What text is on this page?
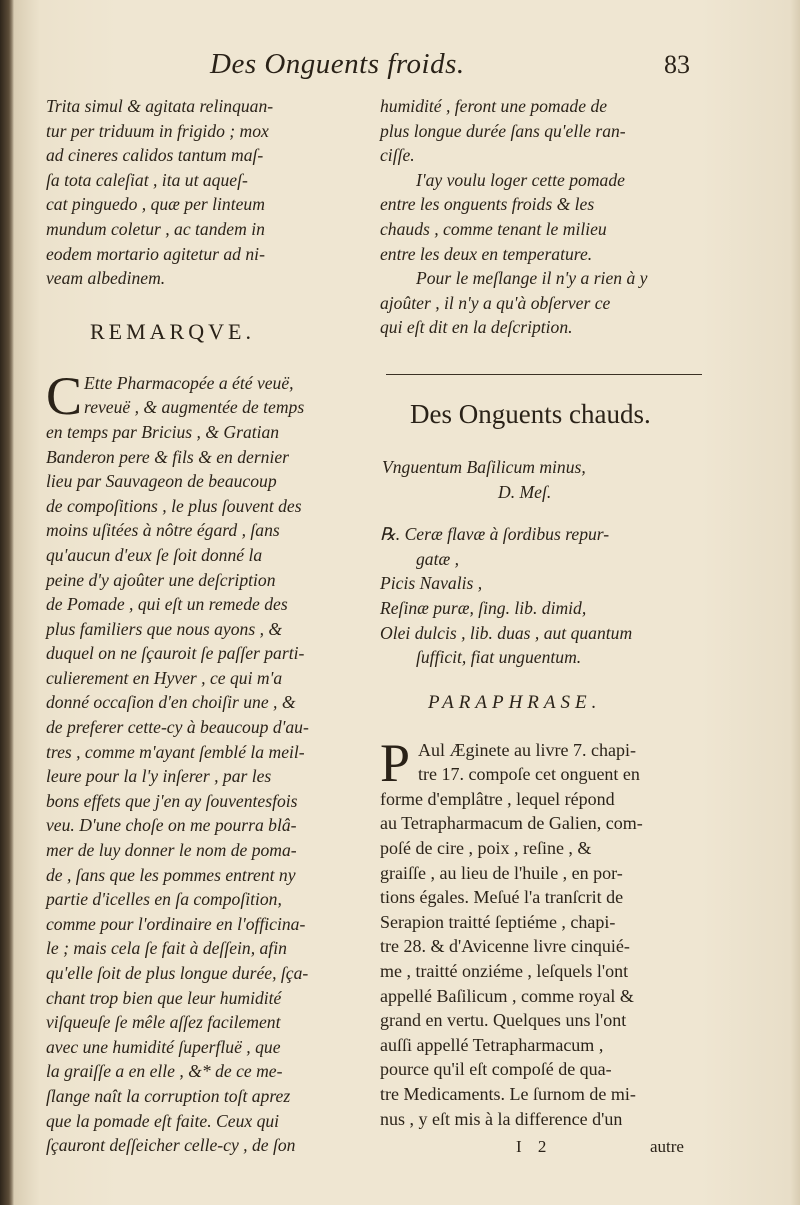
Des Onguents froids.	83
Trita simul & agitata relinquan-
tur per triduum in frigido ; mox
ad cineres calidos tantum maſ-
ſa tota caleſiat , ita ut aqueſ-
cat pinguedo , quæ per linteum
mundum coletur , ac tandem in
eodem mortario agitetur ad ni-
veam albedinem.
REMARQVE.
C Ette Pharmacopée a été veuë,
reveuë , & augmentée de temps
en temps par Bricius , & Gratian
Banderon pere & fils & en dernier
lieu par Sauvageon de beaucoup
de compoſitions , le plus ſouvent des
moins uſitées à nôtre égard , ſans
qu'aucun d'eux ſe ſoit donné la
peine d'y ajoûter une deſcription
de Pomade , qui eſt un remede des
plus familiers que nous ayons , &
duquel on ne ſçauroit ſe paſſer parti-
culierement en Hyver , ce qui m'a
donné occaſion d'en choiſir une , &
de preferer cette-cy à beaucoup d'au-
tres , comme m'ayant ſemblé la meil-
leure pour la l'y inſerer , par les
bons effets que j'en ay ſouventesfois
veu. D'une choſe on me pourra blâ-
mer de luy donner le nom de poma-
de , ſans que les pommes entrent ny
partie d'icelles en ſa compoſition,
comme pour l'ordinaire en l'officina-
le ; mais cela ſe fait à deſſein, afin
qu'elle ſoit de plus longue durée, ſça-
chant trop bien que leur humidité
viſqueuſe ſe mêle aſſez facilement
avec une humidité ſuperfluë , que
la graiſſe a en elle , &* de ce me-
ſlange naît la corruption toſt aprez
que la pomade eſt faite. Ceux qui
ſçauront deſſeicher celle-cy , de ſon
humidité , feront une pomade de
plus longue durée ſans qu'elle ran-
ciſſe.
I'ay voulu loger cette pomade
entre les onguents froids & les
chauds , comme tenant le milieu
entre les deux en temperature.
Pour le meſlange il n'y a rien à y
ajoûter , il n'y a qu'à obſerver ce
qui eſt dit en la deſcription.
Des Onguents chauds.
Vnguentum Baſilicum minus,
D. Meſ.
℞. Ceræ flavæ à ſordibus repur-
gatæ ,
Picis Navalis ,
Reſinæ puræ, ſing. lib. dimid,
Olei dulcis , lib. duas , aut quantum
ſufficit, fiat unguentum.
PARAPHRASE.
P Aul Æginete au livre 7. chapi-
tre 17. compoſe cet onguent en
forme d'emplâtre , lequel répond
au Tetrapharmacum de Galien, com-
poſé de cire , poix , reſine , &
graiſſe , au lieu de l'huile , en por-
tions égales. Meſué l'a tranſcrit de
Serapion traitté ſeptiéme , chapi-
tre 28. & d'Avicenne livre cinquié-
me , traitté onziéme , leſquels l'ont
appellé Baſilicum , comme royal &
grand en vertu. Quelques uns l'ont
auſſi appellé Tetrapharmacum ,
pource qu'il eſt compoſé de qua-
tre Medicaments. Le ſurnom de mi-
nus , y eſt mis à la difference d'un
I 2	autre
